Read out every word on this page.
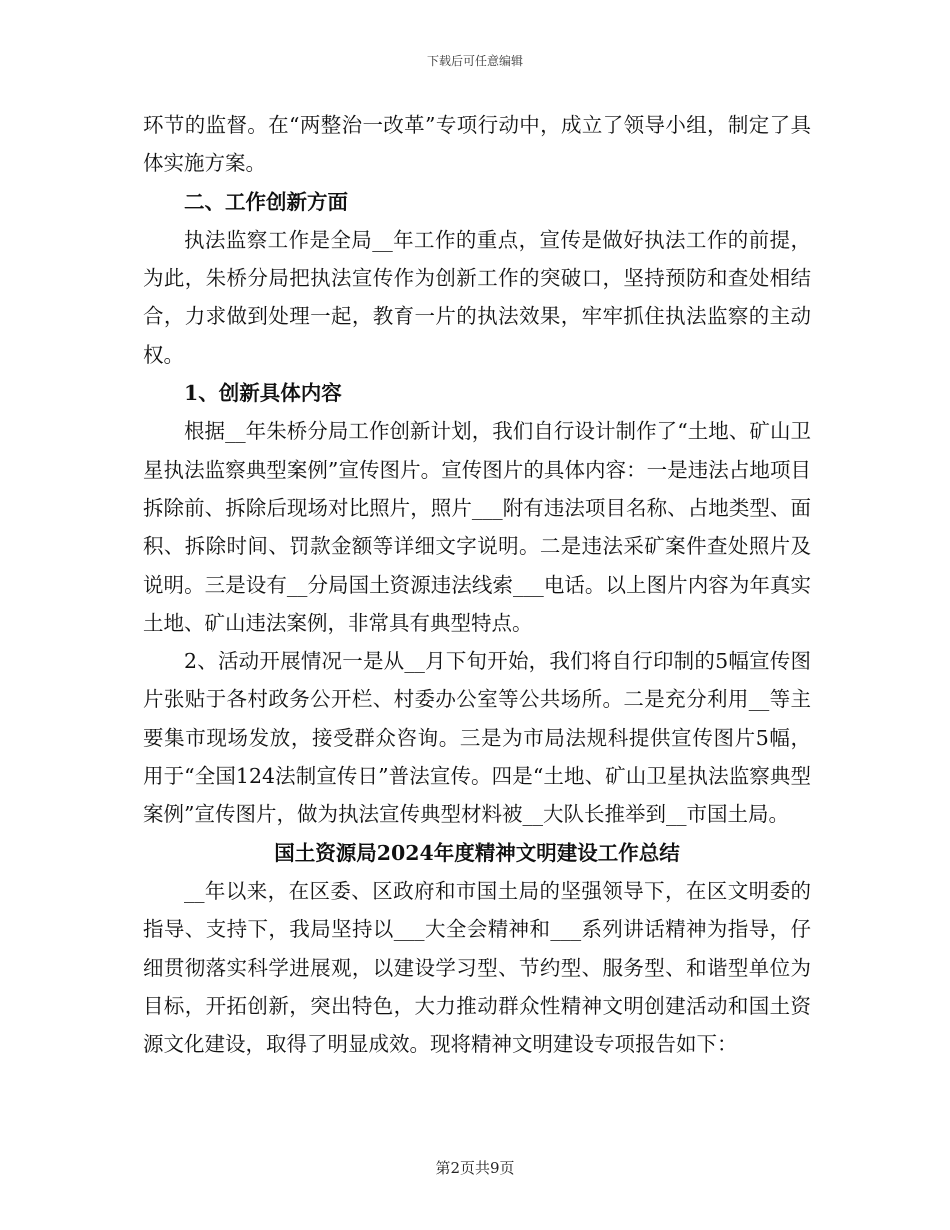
下载后可任意编辑

环节的监督。在“两整治一改革”专项行动中，成立了领导小组，制定了具体实施方案。

二、工作创新方面

执法监察工作是全局__年工作的重点，宣传是做好执法工作的前提，为此，朱桥分局把执法宣传作为创新工作的突破口，坚持预防和查处相结合，力求做到处理一起，教育一片的执法效果，牢牢抓住执法监察的主动权。

1、创新具体内容

根据__年朱桥分局工作创新计划，我们自行设计制作了“土地、矿山卫星执法监察典型案例”宣传图片。宣传图片的具体内容：一是违法占地项目拆除前、拆除后现场对比照片，照片___附有违法项目名称、占地类型、面积、拆除时间、罚款金额等详细文字说明。二是违法采矿案件查处照片及说明。三是设有__分局国土资源违法线索___电话。以上图片内容为年真实土地、矿山违法案例，非常具有典型特点。

2、活动开展情况一是从__月下旬开始，我们将自行印制的5幅宣传图片张贴于各村政务公开栏、村委办公室等公共场所。二是充分利用__等主要集市现场发放，接受群众咨询。三是为市局法规科提供宣传图片5幅，用于“全国124法制宣传日”普法宣传。四是“土地、矿山卫星执法监察典型案例”宣传图片，做为执法宣传典型材料被__大队长推举到__市国土局。

国土资源局2024年度精神文明建设工作总结

__年以来，在区委、区政府和市国土局的坚强领导下，在区文明委的指导、支持下，我局坚持以___大全会精神和___系列讲话精神为指导，仔细贯彻落实科学进展观，以建设学习型、节约型、服务型、和谐型单位为目标，开拓创新，突出特色，大力推动群众性精神文明创建活动和国土资源文化建设，取得了明显成效。现将精神文明建设专项报告如下：

第2页共9页
